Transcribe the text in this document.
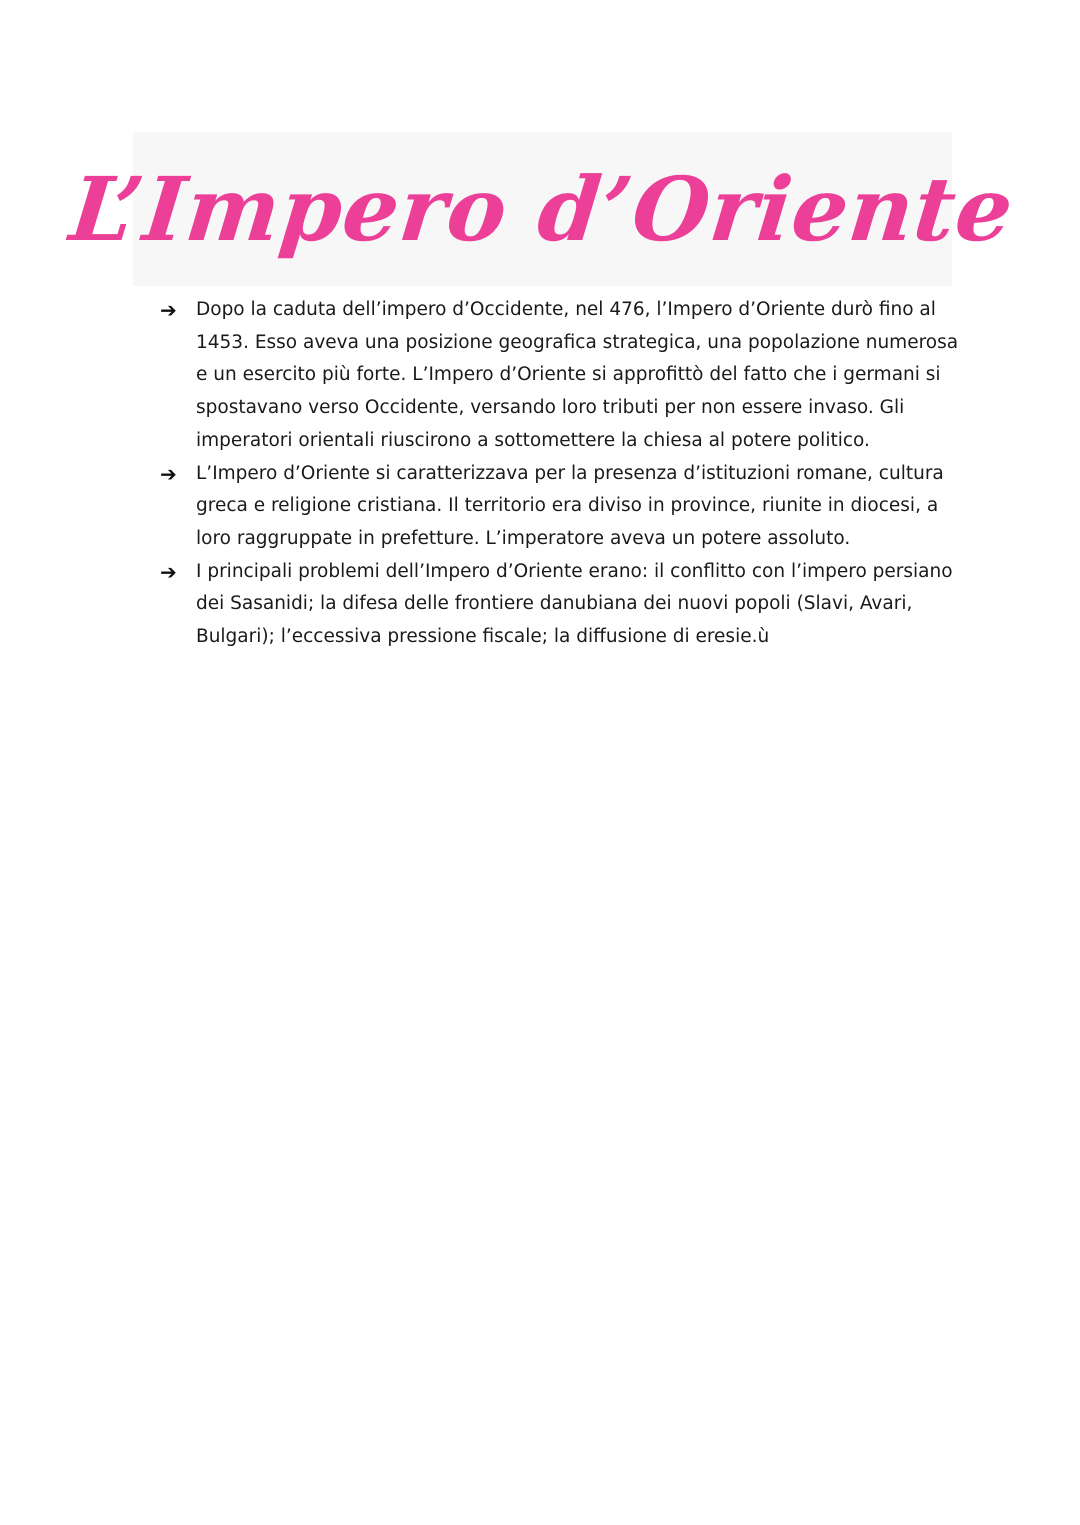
L’Impero d’Oriente
➔	Dopo la caduta dell’impero d’Occidente, nel 476, l’Impero d’Oriente durò fino al 1453. Esso aveva una posizione geografica strategica, una popolazione numerosa e un esercito più forte. L’Impero d’Oriente si approfittò del fatto che i germani si spostavano verso Occidente, versando loro tributi per non essere invaso. Gli imperatori orientali riuscirono a sottomettere la chiesa al potere politico.
➔	L’Impero d’Oriente si caratterizzava per la presenza d’istituzioni romane, cultura greca e religione cristiana. Il territorio era diviso in province, riunite in diocesi, a loro raggruppate in prefetture. L’imperatore aveva un potere assoluto.
➔	I principali problemi dell’Impero d’Oriente erano: il conflitto con l’impero persiano dei Sasanidi; la difesa delle frontiere danubiana dei nuovi popoli (Slavi, Avari, Bulgari); l’eccessiva pressione fiscale; la diffusione di eresie.ù
